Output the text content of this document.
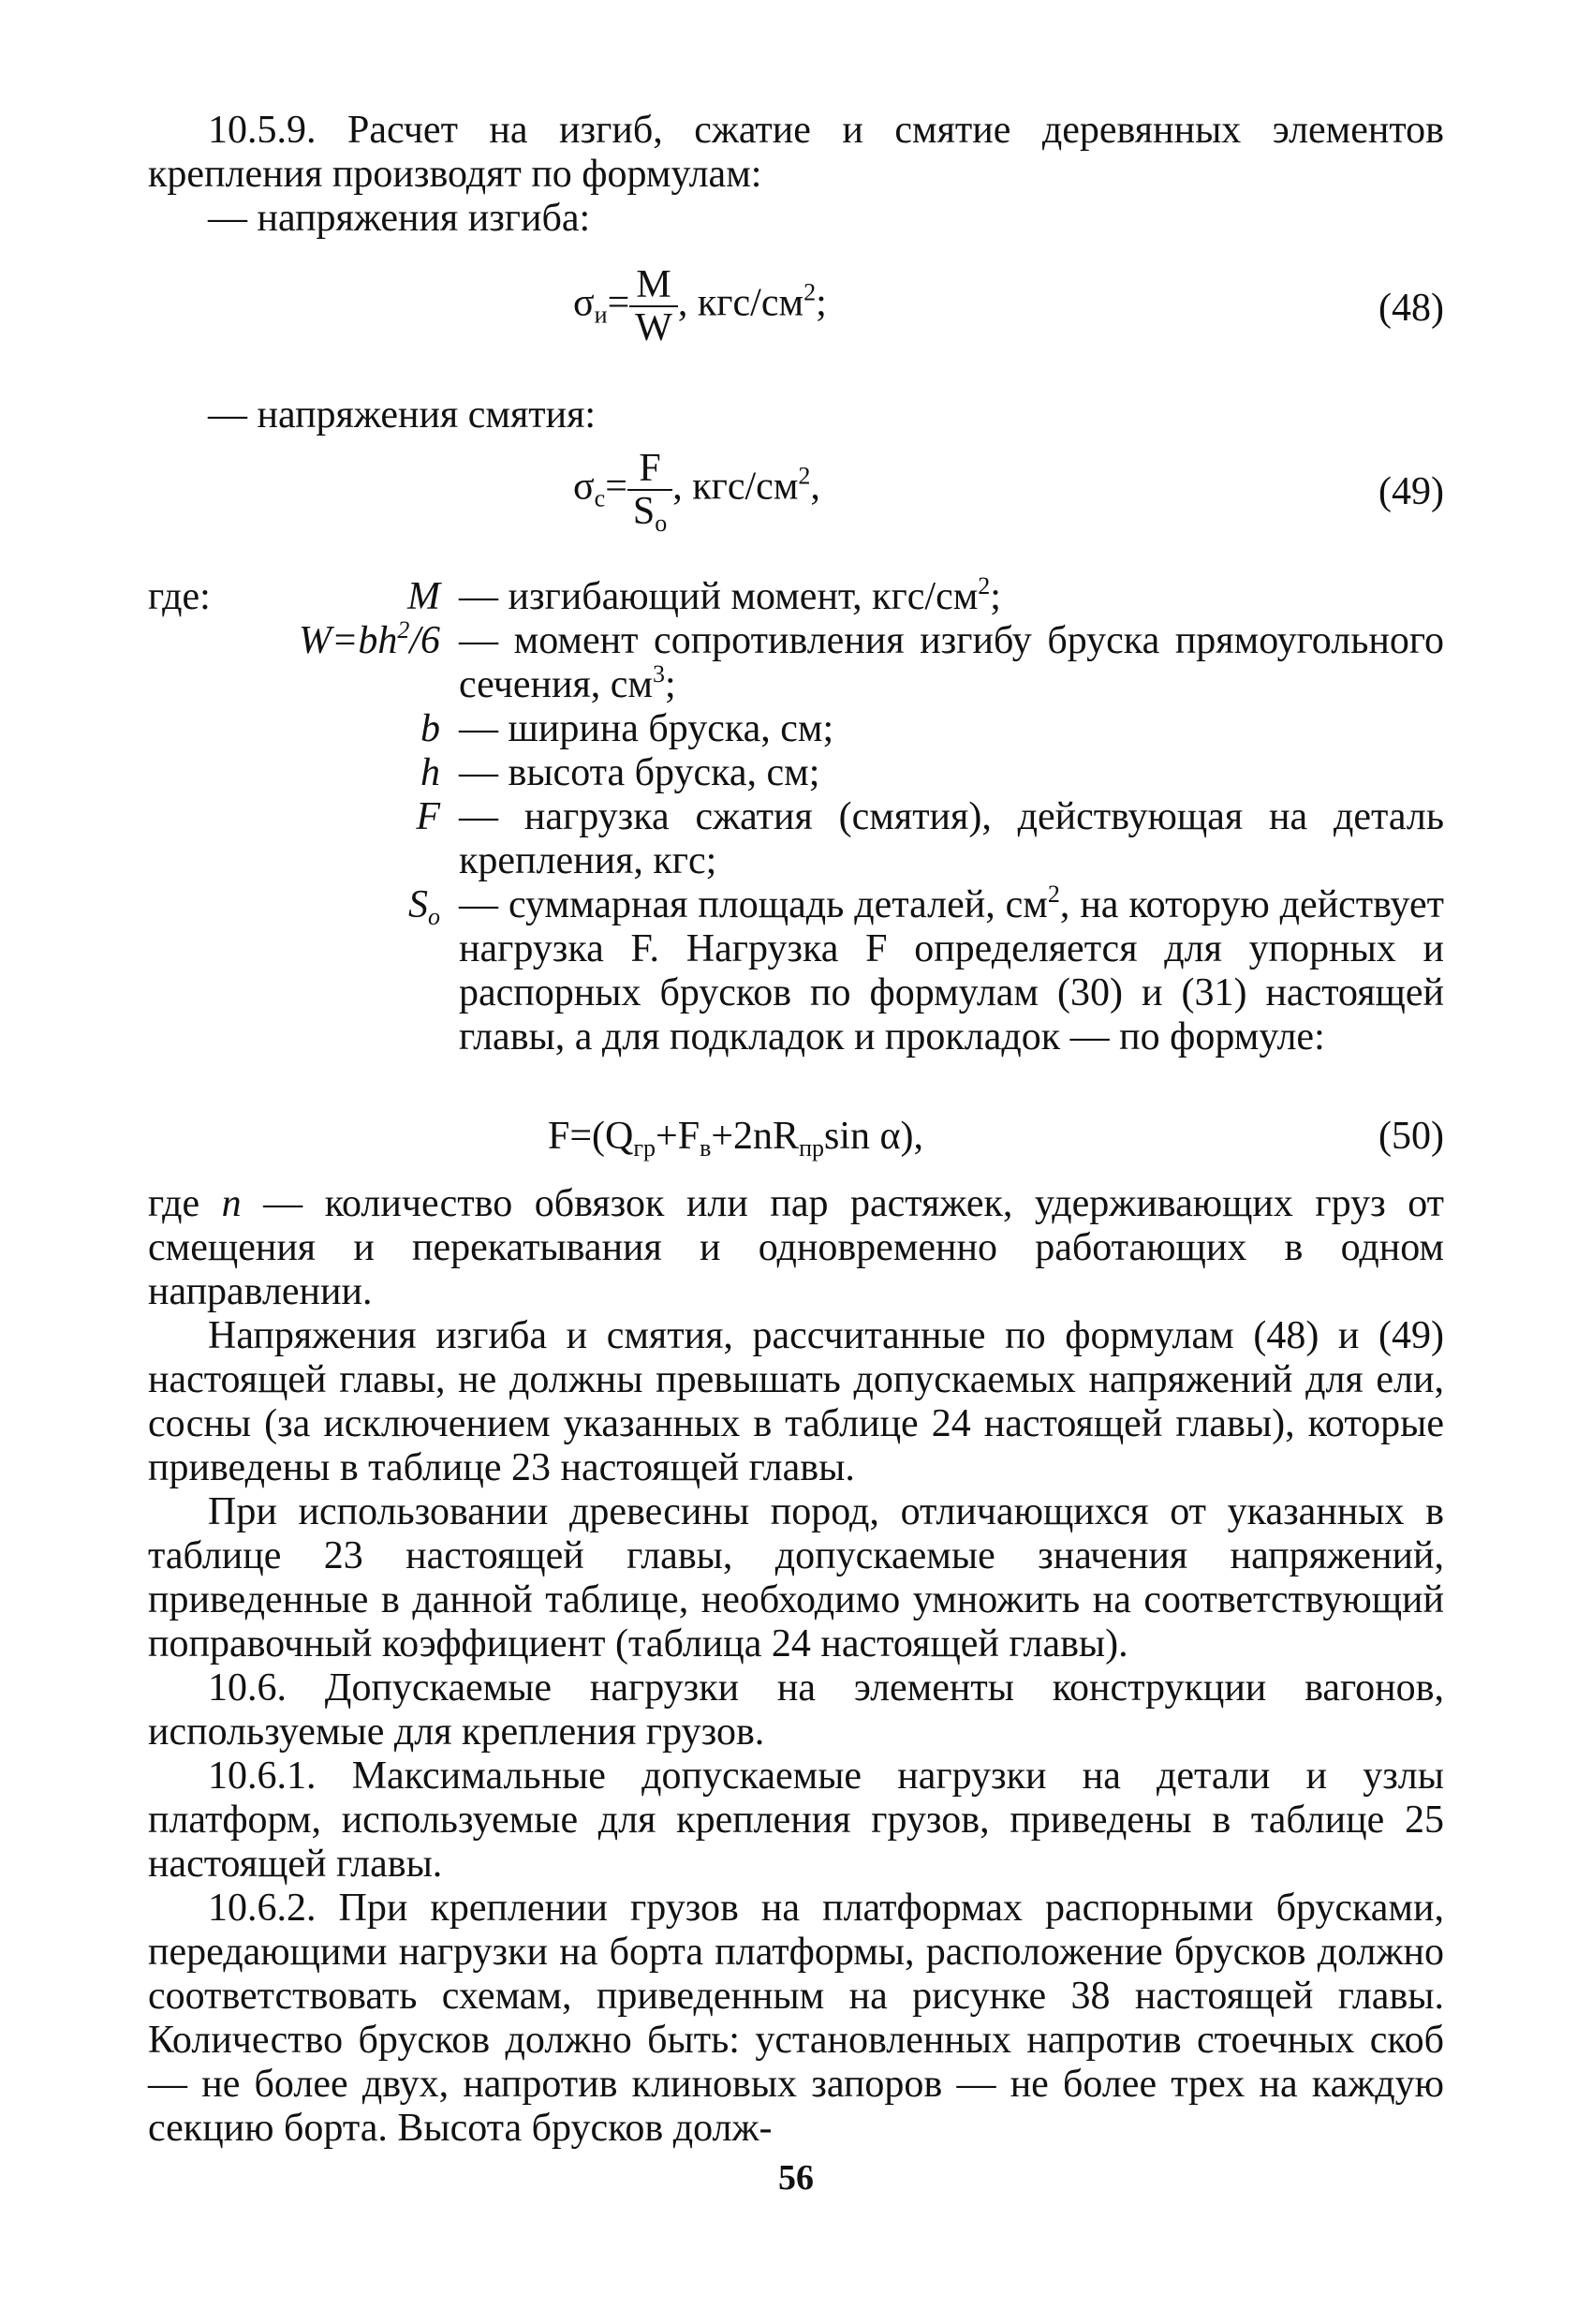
10.5.9. Расчет на изгиб, сжатие и смятие деревянных элементов крепления производят по формулам:

— напряжения изгиба:

$\sigma_и= \frac{M}{W}$ , кгс/$см^2$;	(48)

— напряжения смятия:

$\sigma_с= \frac{F}{S_o}$ , кгс/$см^2$,	(49)
где:	M — изгибающий момент, кгс/$см^2$;
$W=bh^2/6$ — момент сопротивления изгибу бруска прямоугольного сечения, $см^3$;
b — ширина бруска, см;
h — высота бруска, см;
F — нагрузка сжатия (смятия), действующая на деталь крепления, кгс;
$S_o$ — суммарная площадь деталей, $см^2$, на которую действует нагрузка F. Нагрузка F определяется для упорных и распорных брусков по формулам (30) и (31) настоящей главы, а для подкладок и прокладок — по формуле:
$F=(Q_{гр}+F_в+2nR_{пр}\sin$ α),	(50)

где n — количество обвязок или пар растяжек, удерживающих груз от смещения и перекатывания и одновременно работающих в одном направлении.

Напряжения изгиба и смятия, рассчитанные по формулам (48) и (49) настоящей главы, не должны превышать допускаемых напряжений для ели, сосны (за исключением указанных в таблице 24 настоящей главы), которые приведены в таблице 23 настоящей главы.

При использовании древесины пород, отличающихся от указанных в таблице 23 настоящей главы, допускаемые значения напряжений, приведенные в данной таблице, необходимо умножить на соответствующий поправочный коэффициент (таблица 24 настоящей главы).

10.6. Допускаемые нагрузки на элементы конструкции вагонов, используемые для крепления грузов.

10.6.1. Максимальные допускаемые нагрузки на детали и узлы платформ, используемые для крепления грузов, приведены в таблице 25 настоящей главы.

10.6.2. При креплении грузов на платформах распорными брусками, передающими нагрузки на борта платформы, расположение брусков должно соответствовать схемам, приведенным на рисунке 38 настоящей главы. Количество брусков должно быть: установленных напротив стоечных скоб — не более двух, напротив клиновых запоров — не более трех на каждую секцию борта. Высота брусков долж-

56
